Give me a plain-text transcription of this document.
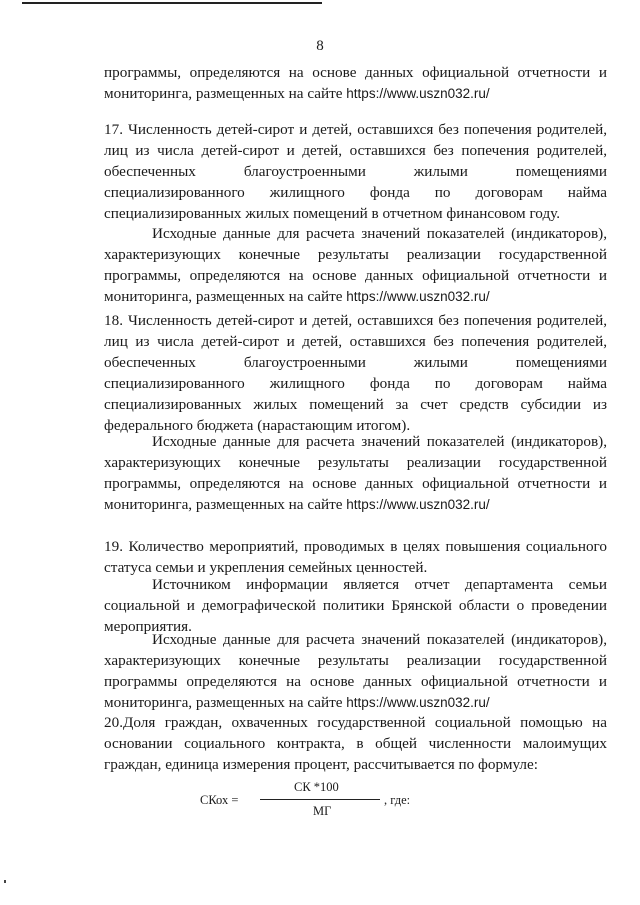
8

программы, определяются на основе данных официальной отчетности и мониторинга, размещенных на сайте https://www.uszn032.ru/

17. Численность детей-сирот и детей, оставшихся без попечения родителей, лиц из числа детей-сирот и детей, оставшихся без попечения родителей, обеспеченных благоустроенными жилыми помещениями специализированного жилищного фонда по договорам найма специализированных жилых помещений в отчетном финансовом году.

Исходные данные для расчета значений показателей (индикаторов), характеризующих конечные результаты реализации государственной программы, определяются на основе данных официальной отчетности и мониторинга, размещенных на сайте https://www.uszn032.ru/

18. Численность детей-сирот и детей, оставшихся без попечения родителей, лиц из числа детей-сирот и детей, оставшихся без попечения родителей, обеспеченных благоустроенными жилыми помещениями специализированного жилищного фонда по договорам найма специализированных жилых помещений за счет средств субсидии из федерального бюджета (нарастающим итогом).

Исходные данные для расчета значений показателей (индикаторов), характеризующих конечные результаты реализации государственной программы, определяются на основе данных официальной отчетности и мониторинга, размещенных на сайте https://www.uszn032.ru/

19. Количество мероприятий, проводимых в целях повышения социального статуса семьи и укрепления семейных ценностей.

Источником информации является отчет департамента семьи социальной и демографической политики Брянской области о проведении мероприятия.

Исходные данные для расчета значений показателей (индикаторов), характеризующих конечные результаты реализации государственной программы определяются на основе данных официальной отчетности и мониторинга, размещенных на сайте https://www.uszn032.ru/

20.Доля граждан, охваченных государственной социальной помощью на основании социального контракта, в общей численности малоимущих граждан, единица измерения процент, рассчитывается по формуле:

СКох =
СК *100
МГ
, где:
